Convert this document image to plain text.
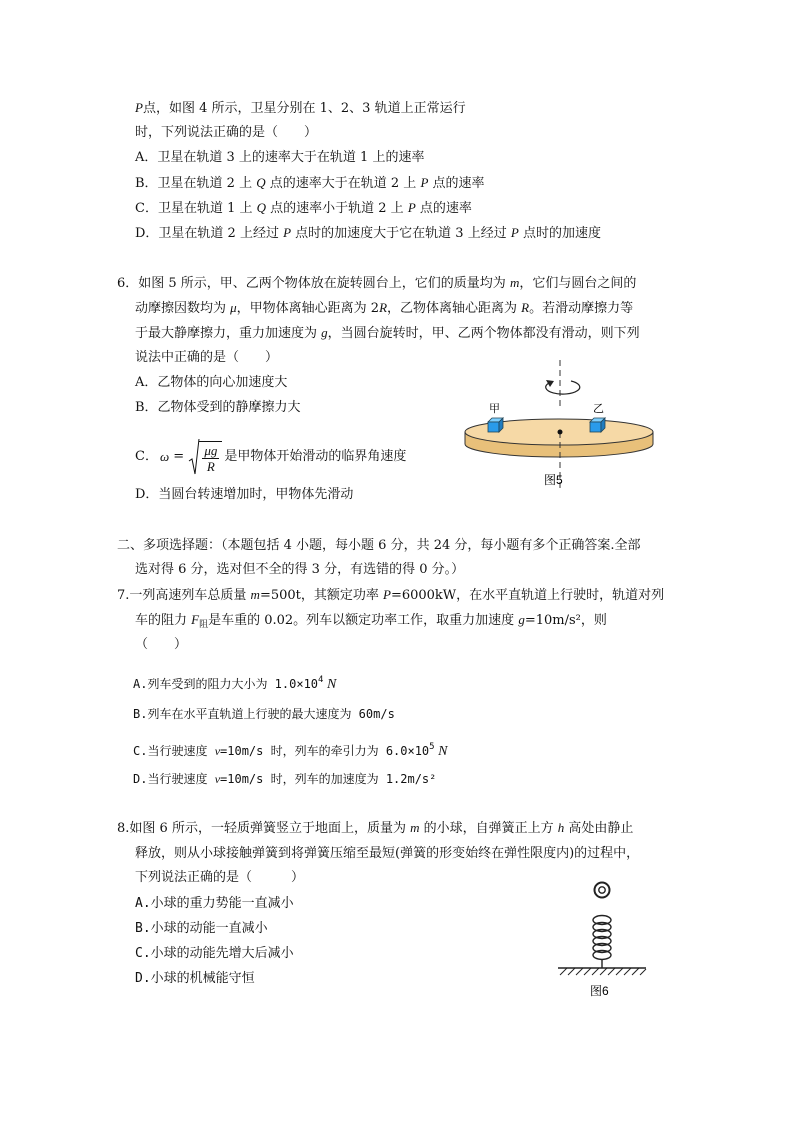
P点，如图 4 所示，卫星分别在 1、2、3 轨道上正常运行
时，下列说法正确的是（　　）
A．卫星在轨道 3 上的速率大于在轨道 1 上的速率
B．卫星在轨道 2 上 Q 点的速率大于在轨道 2 上 P 点的速率
C．卫星在轨道 1 上 Q 点的速率小于轨道 2 上 P 点的速率
D．卫星在轨道 2 上经过 P 点时的加速度大于它在轨道 3 上经过 P 点时的加速度
6．如图 5 所示，甲、乙两个物体放在旋转圆台上，它们的质量均为 m，它们与圆台之间的
动摩擦因数均为 μ，甲物体离轴心距离为 2R，乙物体离轴心距离为 R。若滑动摩擦力等
于最大静摩擦力，重力加速度为 g，当圆台旋转时，甲、乙两个物体都没有滑动，则下列
说法中正确的是（　　）
A．乙物体的向心加速度大
B．乙物体受到的静摩擦力大
C． $\omega = \frac{\mu g}{R}$ 是甲物体开始滑动的临界角速度
D．当圆台转速增加时，甲物体先滑动
甲	乙
图5
二、多项选择题：（本题包括 4 小题，每小题 6 分，共 24 分，每小题有多个正确答案.全部
选对得 6 分，选对但不全的得 3 分，有选错的得 0 分。）
7.一列高速列车总质量 m=500t，其额定功率 P=6000kW，在水平直轨道上行驶时，轨道对列
车的阻力 $F_阻$是车重的 0.02。列车以额定功率工作，取重力加速度 g=10m/s²，则
（　　）
A.列车受到的阻力大小为 $1.0\times 10^4$ N
B.列车在水平直轨道上行驶的最大速度为 60m/s
C.当行驶速度 v=10m/s 时，列车的牵引力为 $6.0\times 10^5$ N
D.当行驶速度 v=10m/s 时，列车的加速度为 1.2m/s²
8.如图 6 所示，一轻质弹簧竖立于地面上，质量为 m 的小球，自弹簧正上方 h 高处由静止
释放，则从小球接触弹簧到将弹簧压缩至最短(弹簧的形变始终在弹性限度内)的过程中，
下列说法正确的是（　　　）
A.小球的重力势能一直减小
B.小球的动能一直减小
C.小球的动能先增大后减小
D.小球的机械能守恒
图6
